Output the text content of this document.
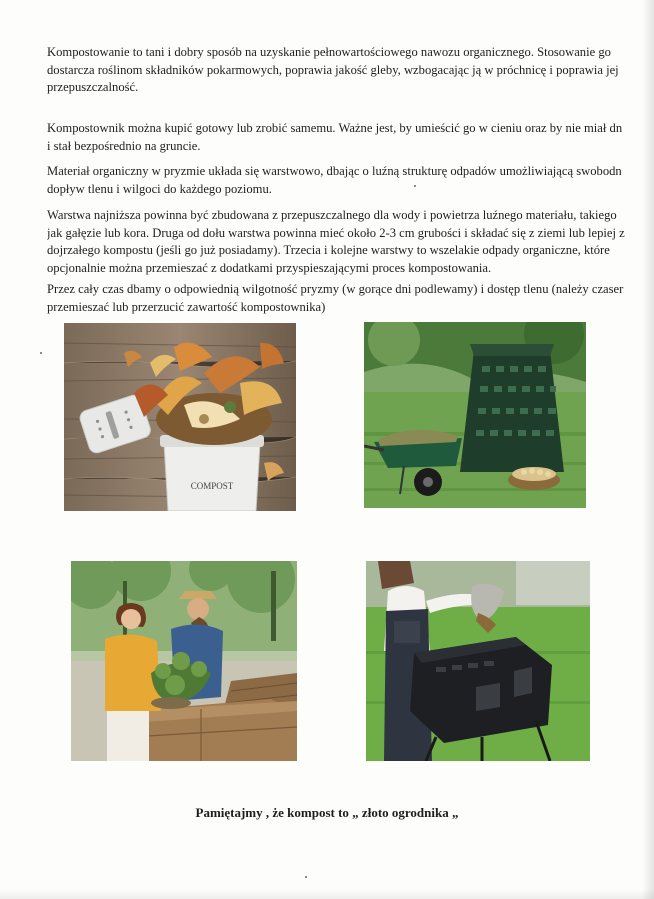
Kompostowanie to tani i dobry sposób na uzyskanie pełnowartościowego nawozu organicznego. Stosowanie go
dostarcza roślinom składników pokarmowych, poprawia jakość gleby, wzbogacając ją w próchnicę i poprawia jej
przepuszczalność.
Kompostownik można kupić gotowy lub zrobić samemu. Ważne jest, by umieścić go w cieniu oraz by nie miał dn
i stał bezpośrednio na gruncie.
Materiał organiczny w pryzmie układa się warstwowo, dbając o luźną strukturę odpadów umożliwiającą swobodn
dopływ tlenu i wilgoci do każdego poziomu.
Warstwa najniższa powinna być zbudowana z przepuszczalnego dla wody i powietrza luźnego materiału, takiego
jak gałęzie lub kora. Druga od dołu warstwa powinna mieć około 2-3 cm grubości i składać się z ziemi lub lepiej z
dojrzałego kompostu (jeśli go już posiadamy). Trzecia i kolejne warstwy to wszelakie odpady organiczne, które
opcjonalnie można przemieszać z dodatkami przyspieszającymi proces kompostowania.
Przez cały czas dbamy o odpowiednią wilgotność pryzmy (w gorące dni podlewamy) i dostęp tlenu (należy czaser
przemieszać lub przerzucić zawartość kompostownika)
COMPOST
Pamiętajmy , że kompost to „ złoto ogrodnika „
